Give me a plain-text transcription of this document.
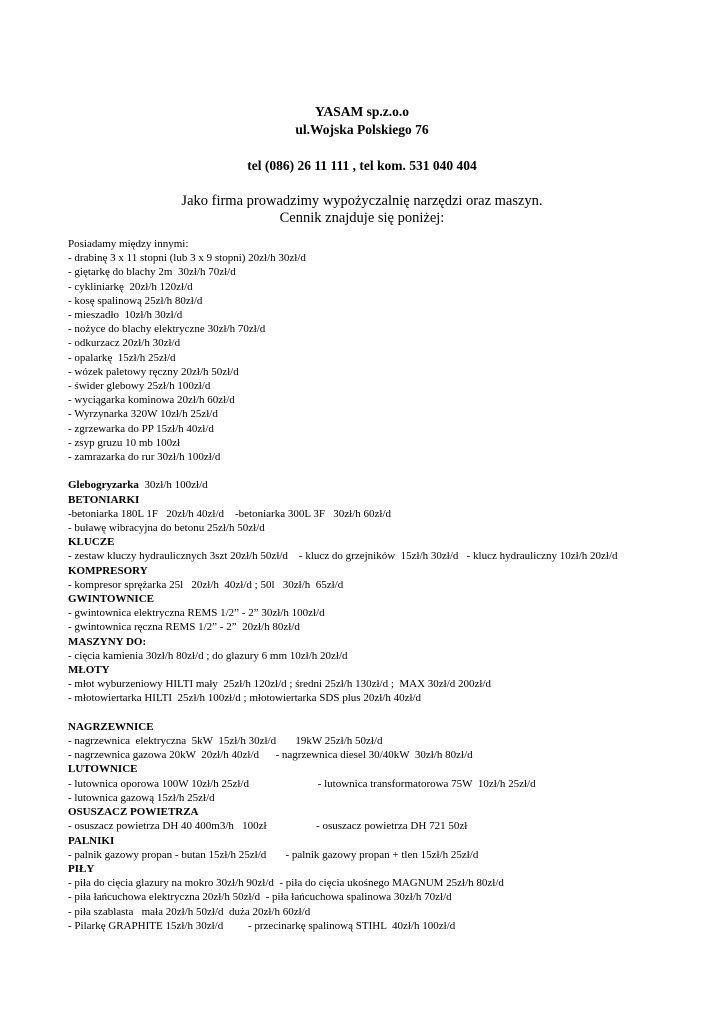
YASAM sp.z.o.o
ul.Wojska Polskiego 76
tel (086) 26 11 111 , tel kom. 531 040 404
Jako firma prowadzimy wypożyczalnię narzędzi oraz maszyn.
Cennik znajduje się poniżej:
Posiadamy między innymi:
- drabinę 3 x 11 stopni (lub 3 x 9 stopni) 20zł/h 30zł/d
- giętarkę do blachy 2m  30zł/h 70zł/d
- cykliniarkę  20zł/h 120zł/d
- kosę spalinową 25zł/h 80zł/d
- mieszadło  10zł/h 30zł/d
- nożyce do blachy elektryczne 30zł/h 70zł/d
- odkurzacz 20zł/h 30zł/d
- opalarkę  15zł/h 25zł/d
- wózek paletowy ręczny 20zł/h 50zł/d
- świder glebowy 25zł/h 100zł/d
- wyciągarka kominowa 20zł/h 60zł/d
- Wyrzynarka 320W 10zł/h 25zł/d
- zgrzewarka do PP 15zł/h 40zł/d
- zsyp gruzu 10 mb 100zł
- zamrazarka do rur 30zł/h 100zł/d
Glebogryzarka  30zł/h 100zł/d
BETONIARKI
-betoniarka 180L 1F   20zł/h 40zł/d    -betoniarka 300L 3F   30zł/h 60zł/d
- buławę wibracyjna do betonu 25zł/h 50zł/d
KLUCZE
- zestaw kluczy hydraulicznych 3szt 20zł/h 50zł/d    - klucz do grzejników  15zł/h 30zł/d   - klucz hydrauliczny 10zł/h 20zł/d
KOMPRESORY
- kompresor sprężarka 25l   20zł/h  40zł/d ; 50l   30zł/h  65zł/d
GWINTOWNICE
- gwintownica elektryczna REMS 1/2” - 2” 30zł/h 100zł/d
- gwintownica ręczna REMS 1/2” - 2”  20zł/h 80zł/d
MASZYNY DO:
- cięcia kamienia 30zł/h 80zł/d ; do glazury 6 mm 10zł/h 20zł/d
MŁOTY
- młot wyburzeniowy HILTI mały  25zł/h 120zł/d ; średni 25zł/h 130zł/d ;  MAX 30zł/d 200zł/d
- młotowiertarka HILTI  25zł/h 100zł/d ; młotowiertarka SDS plus 20zł/h 40zł/d
NAGRZEWNICE
- nagrzewnica  elektryczna  5kW  15zł/h 30zł/d       19kW 25zł/h 50zł/d
- nagrzewnica gazowa 20kW  20zł/h 40zł/d      - nagrzewnica diesel 30/40kW  30zł/h 80zł/d
LUTOWNICE
- lutownica oporowa 100W 10zł/h 25zł/d                         - lutownica transformatorowa 75W  10zł/h 25zł/d
- lutownica gazową 15zł/h 25zł/d
OSUSZACZ POWIETRZA
- osuszacz powietrza DH 40 400m3/h   100zł                  - osuszacz powietrza DH 721 50zł
PALNIKI
- palnik gazowy propan - butan 15zł/h 25zł/d       - palnik gazowy propan + tlen 15zł/h 25zł/d
PIŁY
- piła do cięcia glazury na mokro 30zł/h 90zł/d  - piła do cięcia ukośnego MAGNUM 25zł/h 80zł/d
- piła łańcuchowa elektryczna 20zł/h 50zł/d  - piła łańcuchowa spalinowa 30zł/h 70zł/d
- piła szablasta   mała 20zł/h 50zł/d  duża 20zł/h 60zł/d
- Pilarkę GRAPHITE 15zł/h 30zł/d         - przecinarkę spalinową STIHL  40zł/h 100zł/d
